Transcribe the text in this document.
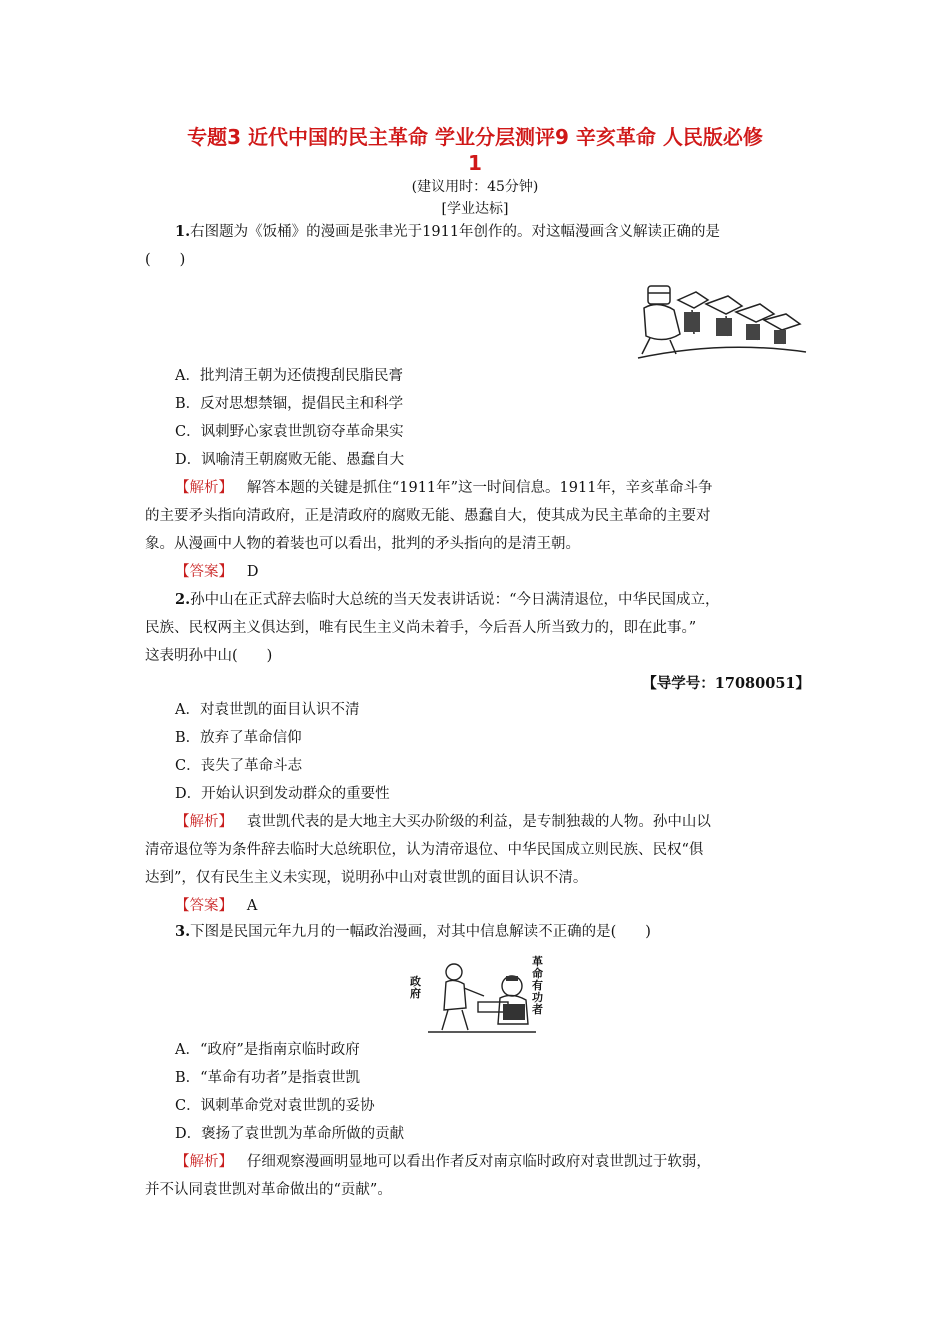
专题3 近代中国的民主革命 学业分层测评9 辛亥革命 人民版必修
1
(建议用时：45分钟)
[学业达标]
1.右图题为《饭桶》的漫画是张聿光于1911年创作的。对这幅漫画含义解读正确的是
(　　)
A．批判清王朝为还债搜刮民脂民膏
B．反对思想禁锢，提倡民主和科学
C．讽刺野心家袁世凯窃夺革命果实
D．讽喻清王朝腐败无能、愚蠢自大
【解析】 解答本题的关键是抓住“1911年”这一时间信息。1911年，辛亥革命斗争
的主要矛头指向清政府，正是清政府的腐败无能、愚蠢自大，使其成为民主革命的主要对
象。从漫画中人物的着装也可以看出，批判的矛头指向的是清王朝。
【答案】 D
2.孙中山在正式辞去临时大总统的当天发表讲话说：“今日满清退位，中华民国成立，
民族、民权两主义俱达到，唯有民生主义尚未着手，今后吾人所当致力的，即在此事。”
这表明孙中山(　　)
【导学号：17080051】
A．对袁世凯的面目认识不清
B．放弃了革命信仰
C．丧失了革命斗志
D．开始认识到发动群众的重要性
【解析】 袁世凯代表的是大地主大买办阶级的利益，是专制独裁的人物。孙中山以
清帝退位等为条件辞去临时大总统职位，认为清帝退位、中华民国成立则民族、民权“俱
达到”，仅有民生主义未实现，说明孙中山对袁世凯的面目认识不清。
【答案】 A
3.下图是民国元年九月的一幅政治漫画，对其中信息解读不正确的是(　　)
政府
革命有功者
A．“政府”是指南京临时政府
B．“革命有功者”是指袁世凯
C．讽刺革命党对袁世凯的妥协
D．褒扬了袁世凯为革命所做的贡献
【解析】 仔细观察漫画明显地可以看出作者反对南京临时政府对袁世凯过于软弱，
并不认同袁世凯对革命做出的“贡献”。
